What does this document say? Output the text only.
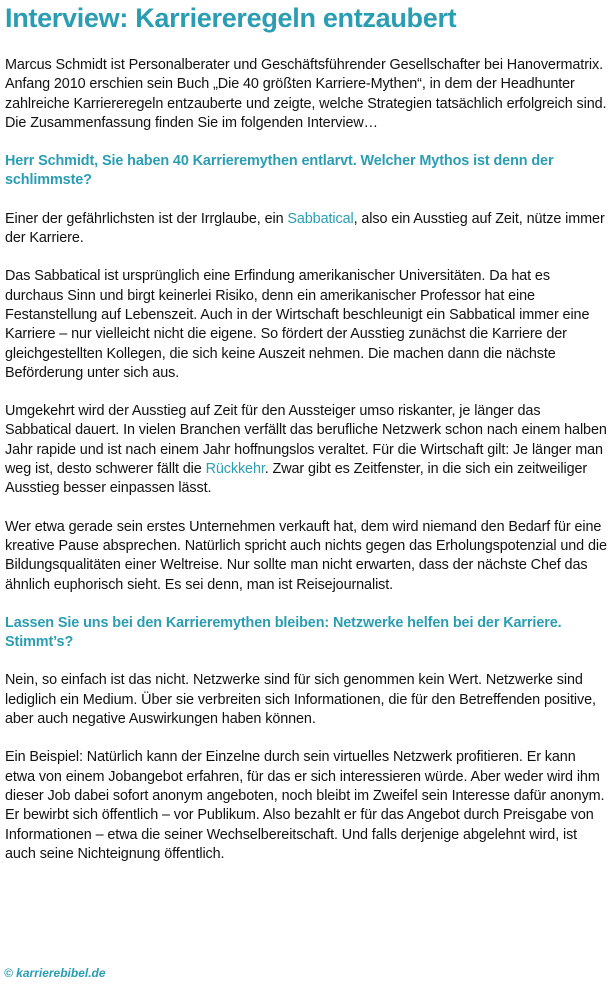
Interview: Karriereregeln entzaubert

Marcus Schmidt ist Personalberater und Geschäftsführender Gesellschafter bei Hanovermatrix. Anfang 2010 erschien sein Buch „Die 40 größten Karriere-Mythen“, in dem der Headhunter zahlreiche Karriereregeln entzauberte und zeigte, welche Strategien tatsächlich erfolgreich sind. Die Zusammenfassung finden Sie im folgenden Interview…

Herr Schmidt, Sie haben 40 Karrieremythen entlarvt. Welcher Mythos ist denn der schlimmste?

Einer der gefährlichsten ist der Irrglaube, ein Sabbatical, also ein Ausstieg auf Zeit, nütze immer der Karriere.

Das Sabbatical ist ursprünglich eine Erfindung amerikanischer Universitäten. Da hat es durchaus Sinn und birgt keinerlei Risiko, denn ein amerikanischer Professor hat eine Festanstellung auf Lebenszeit. Auch in der Wirtschaft beschleunigt ein Sabbatical immer eine Karriere – nur vielleicht nicht die eigene. So fördert der Ausstieg zunächst die Karriere der gleichgestellten Kollegen, die sich keine Auszeit nehmen. Die machen dann die nächste Beförderung unter sich aus.

Umgekehrt wird der Ausstieg auf Zeit für den Aussteiger umso riskanter, je länger das Sabbatical dauert. In vielen Branchen verfällt das berufliche Netzwerk schon nach einem halben Jahr rapide und ist nach einem Jahr hoffnungslos veraltet. Für die Wirtschaft gilt: Je länger man weg ist, desto schwerer fällt die Rückkehr. Zwar gibt es Zeitfenster, in die sich ein zeitweiliger Ausstieg besser einpassen lässt.

Wer etwa gerade sein erstes Unternehmen verkauft hat, dem wird niemand den Bedarf für eine kreative Pause absprechen. Natürlich spricht auch nichts gegen das Erholungspotenzial und die Bildungsqualitäten einer Weltreise. Nur sollte man nicht erwarten, dass der nächste Chef das ähnlich euphorisch sieht. Es sei denn, man ist Reisejournalist.

Lassen Sie uns bei den Karrieremythen bleiben: Netzwerke helfen bei der Karriere. Stimmt’s?

Nein, so einfach ist das nicht. Netzwerke sind für sich genommen kein Wert. Netzwerke sind lediglich ein Medium. Über sie verbreiten sich Informationen, die für den Betreffenden positive, aber auch negative Auswirkungen haben können.

Ein Beispiel: Natürlich kann der Einzelne durch sein virtuelles Netzwerk profitieren. Er kann etwa von einem Jobangebot erfahren, für das er sich interessieren würde. Aber weder wird ihm dieser Job dabei sofort anonym angeboten, noch bleibt im Zweifel sein Interesse dafür anonym. Er bewirbt sich öffentlich – vor Publikum. Also bezahlt er für das Angebot durch Preisgabe von Informationen – etwa die seiner Wechselbereitschaft. Und falls derjenige abgelehnt wird, ist auch seine Nichteignung öffentlich.

© karrierebibel.de
